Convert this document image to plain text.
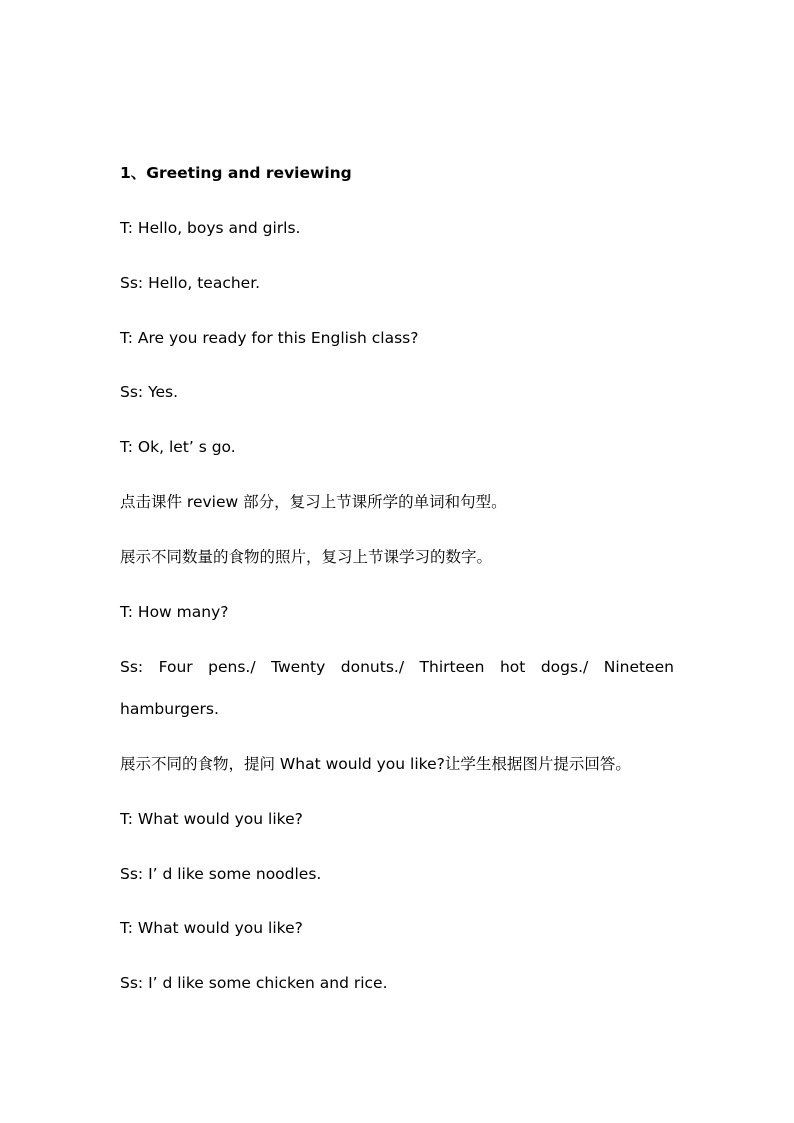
1、Greeting and reviewing
T: Hello, boys and girls.
Ss: Hello, teacher.
T: Are you ready for this English class?
Ss: Yes.
T: Ok, let’ s go.
点击课件 review 部分，复习上节课所学的单词和句型。
展示不同数量的食物的照片，复习上节课学习的数字。
T: How many?
Ss: Four pens./ Twenty donuts./ Thirteen hot dogs./ Nineteen
hamburgers.
展示不同的食物，提问 What would you like?让学生根据图片提示回答。
T: What would you like?
Ss: I’ d like some noodles.
T: What would you like?
Ss: I’ d like some chicken and rice.
